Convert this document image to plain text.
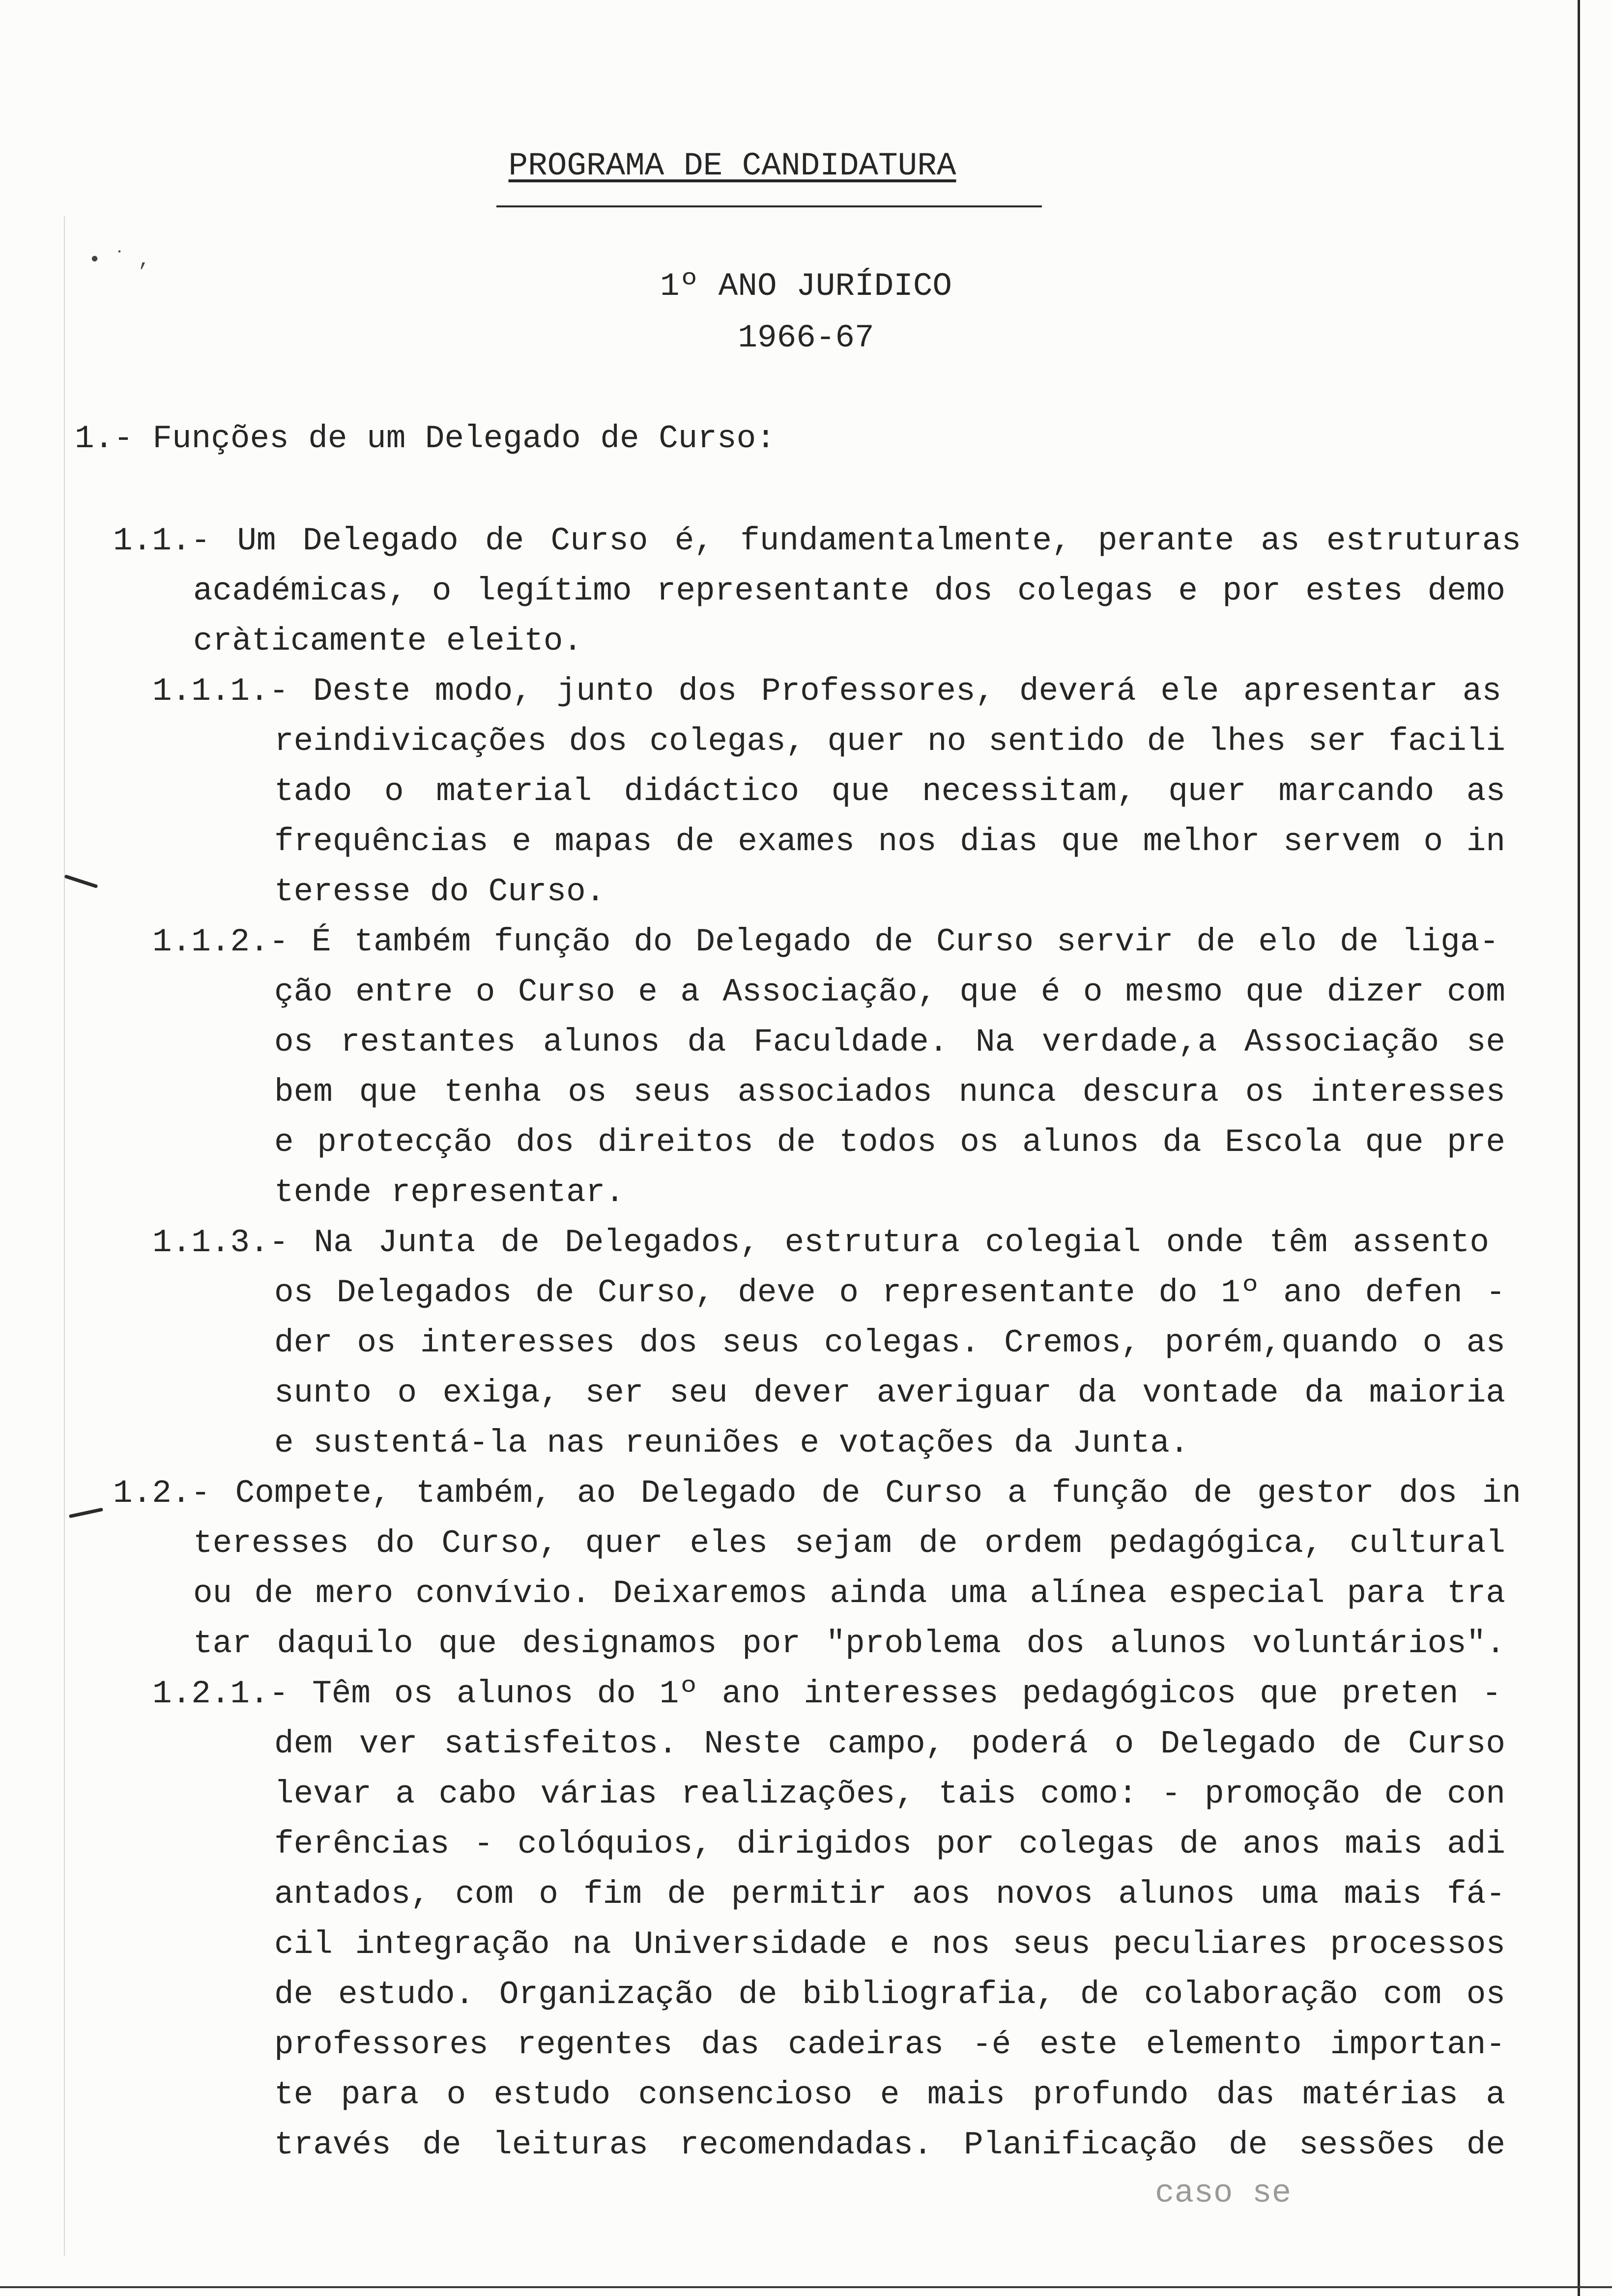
PROGRAMA DE CANDIDATURA
• ˙ ,
1º ANO JURÍDICO
1966-67
1.- Funções de um Delegado de Curso:
1.1.- Um Delegado de Curso é, fundamentalmente, perante as estruturas
académicas, o legítimo representante dos colegas e por estes demo
cràticamente eleito.
1.1.1.- Deste modo, junto dos Professores, deverá ele apresentar as
reindivicações dos colegas, quer no sentido de lhes ser facili
tado o material didáctico que necessitam, quer marcando as
frequências e mapas de exames nos dias que melhor servem o in
teresse do Curso.
1.1.2.- É também função do Delegado de Curso servir de elo de liga-
ção entre o Curso e a Associação, que é o mesmo que dizer com
os restantes alunos da Faculdade. Na verdade,a Associação se
bem que tenha os seus associados nunca descura os interesses
e protecção dos direitos de todos os alunos da Escola que pre
tende representar.
1.1.3.- Na Junta de Delegados, estrutura colegial onde têm assento
os Delegados de Curso, deve o representante do 1º ano defen -
der os interesses dos seus colegas. Cremos, porém,quando o as
sunto o exiga, ser seu dever averiguar da vontade da maioria
e sustentá-la nas reuniões e votações da Junta.
1.2.- Compete, também, ao Delegado de Curso a função de gestor dos in
teresses do Curso, quer eles sejam de ordem pedagógica, cultural
ou de mero convívio. Deixaremos ainda uma alínea especial para tra
tar daquilo que designamos por "problema dos alunos voluntários".
1.2.1.- Têm os alunos do 1º ano interesses pedagógicos que preten -
dem ver satisfeitos. Neste campo, poderá o Delegado de Curso
levar a cabo várias realizações, tais como: - promoção de con
ferências - colóquios, dirigidos por colegas de anos mais adi
antados, com o fim de permitir aos novos alunos uma mais fá-
cil integração na Universidade e nos seus peculiares processos
de estudo. Organização de bibliografia, de colaboração com os
professores regentes das cadeiras -é este elemento importan-
te para o estudo consencioso e mais profundo das matérias a
través de leituras recomendadas. Planificação de sessões de
caso se
